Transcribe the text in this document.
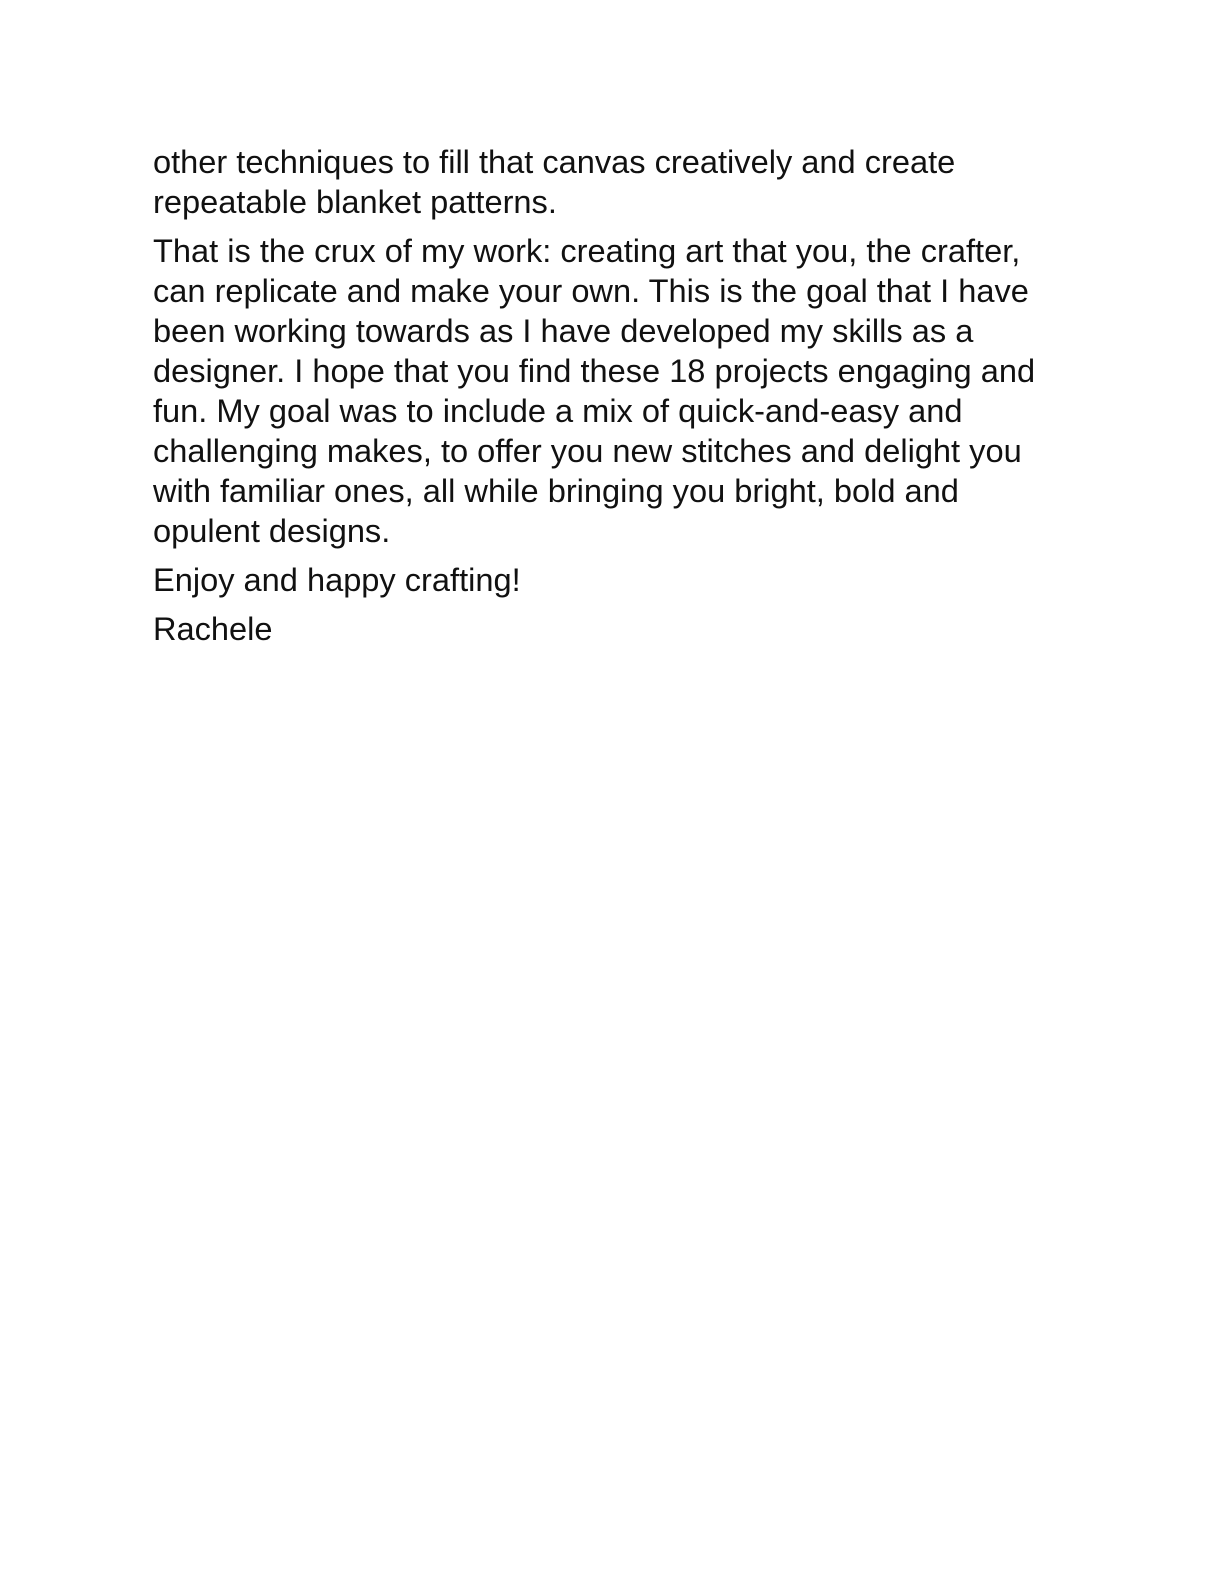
other techniques to fill that canvas creatively and create repeatable blanket patterns.

That is the crux of my work: creating art that you, the crafter, can replicate and make your own. This is the goal that I have been working towards as I have developed my skills as a designer. I hope that you find these 18 projects engaging and fun. My goal was to include a mix of quick-and-easy and challenging makes, to offer you new stitches and delight you with familiar ones, all while bringing you bright, bold and opulent designs.

Enjoy and happy crafting!

Rachele
